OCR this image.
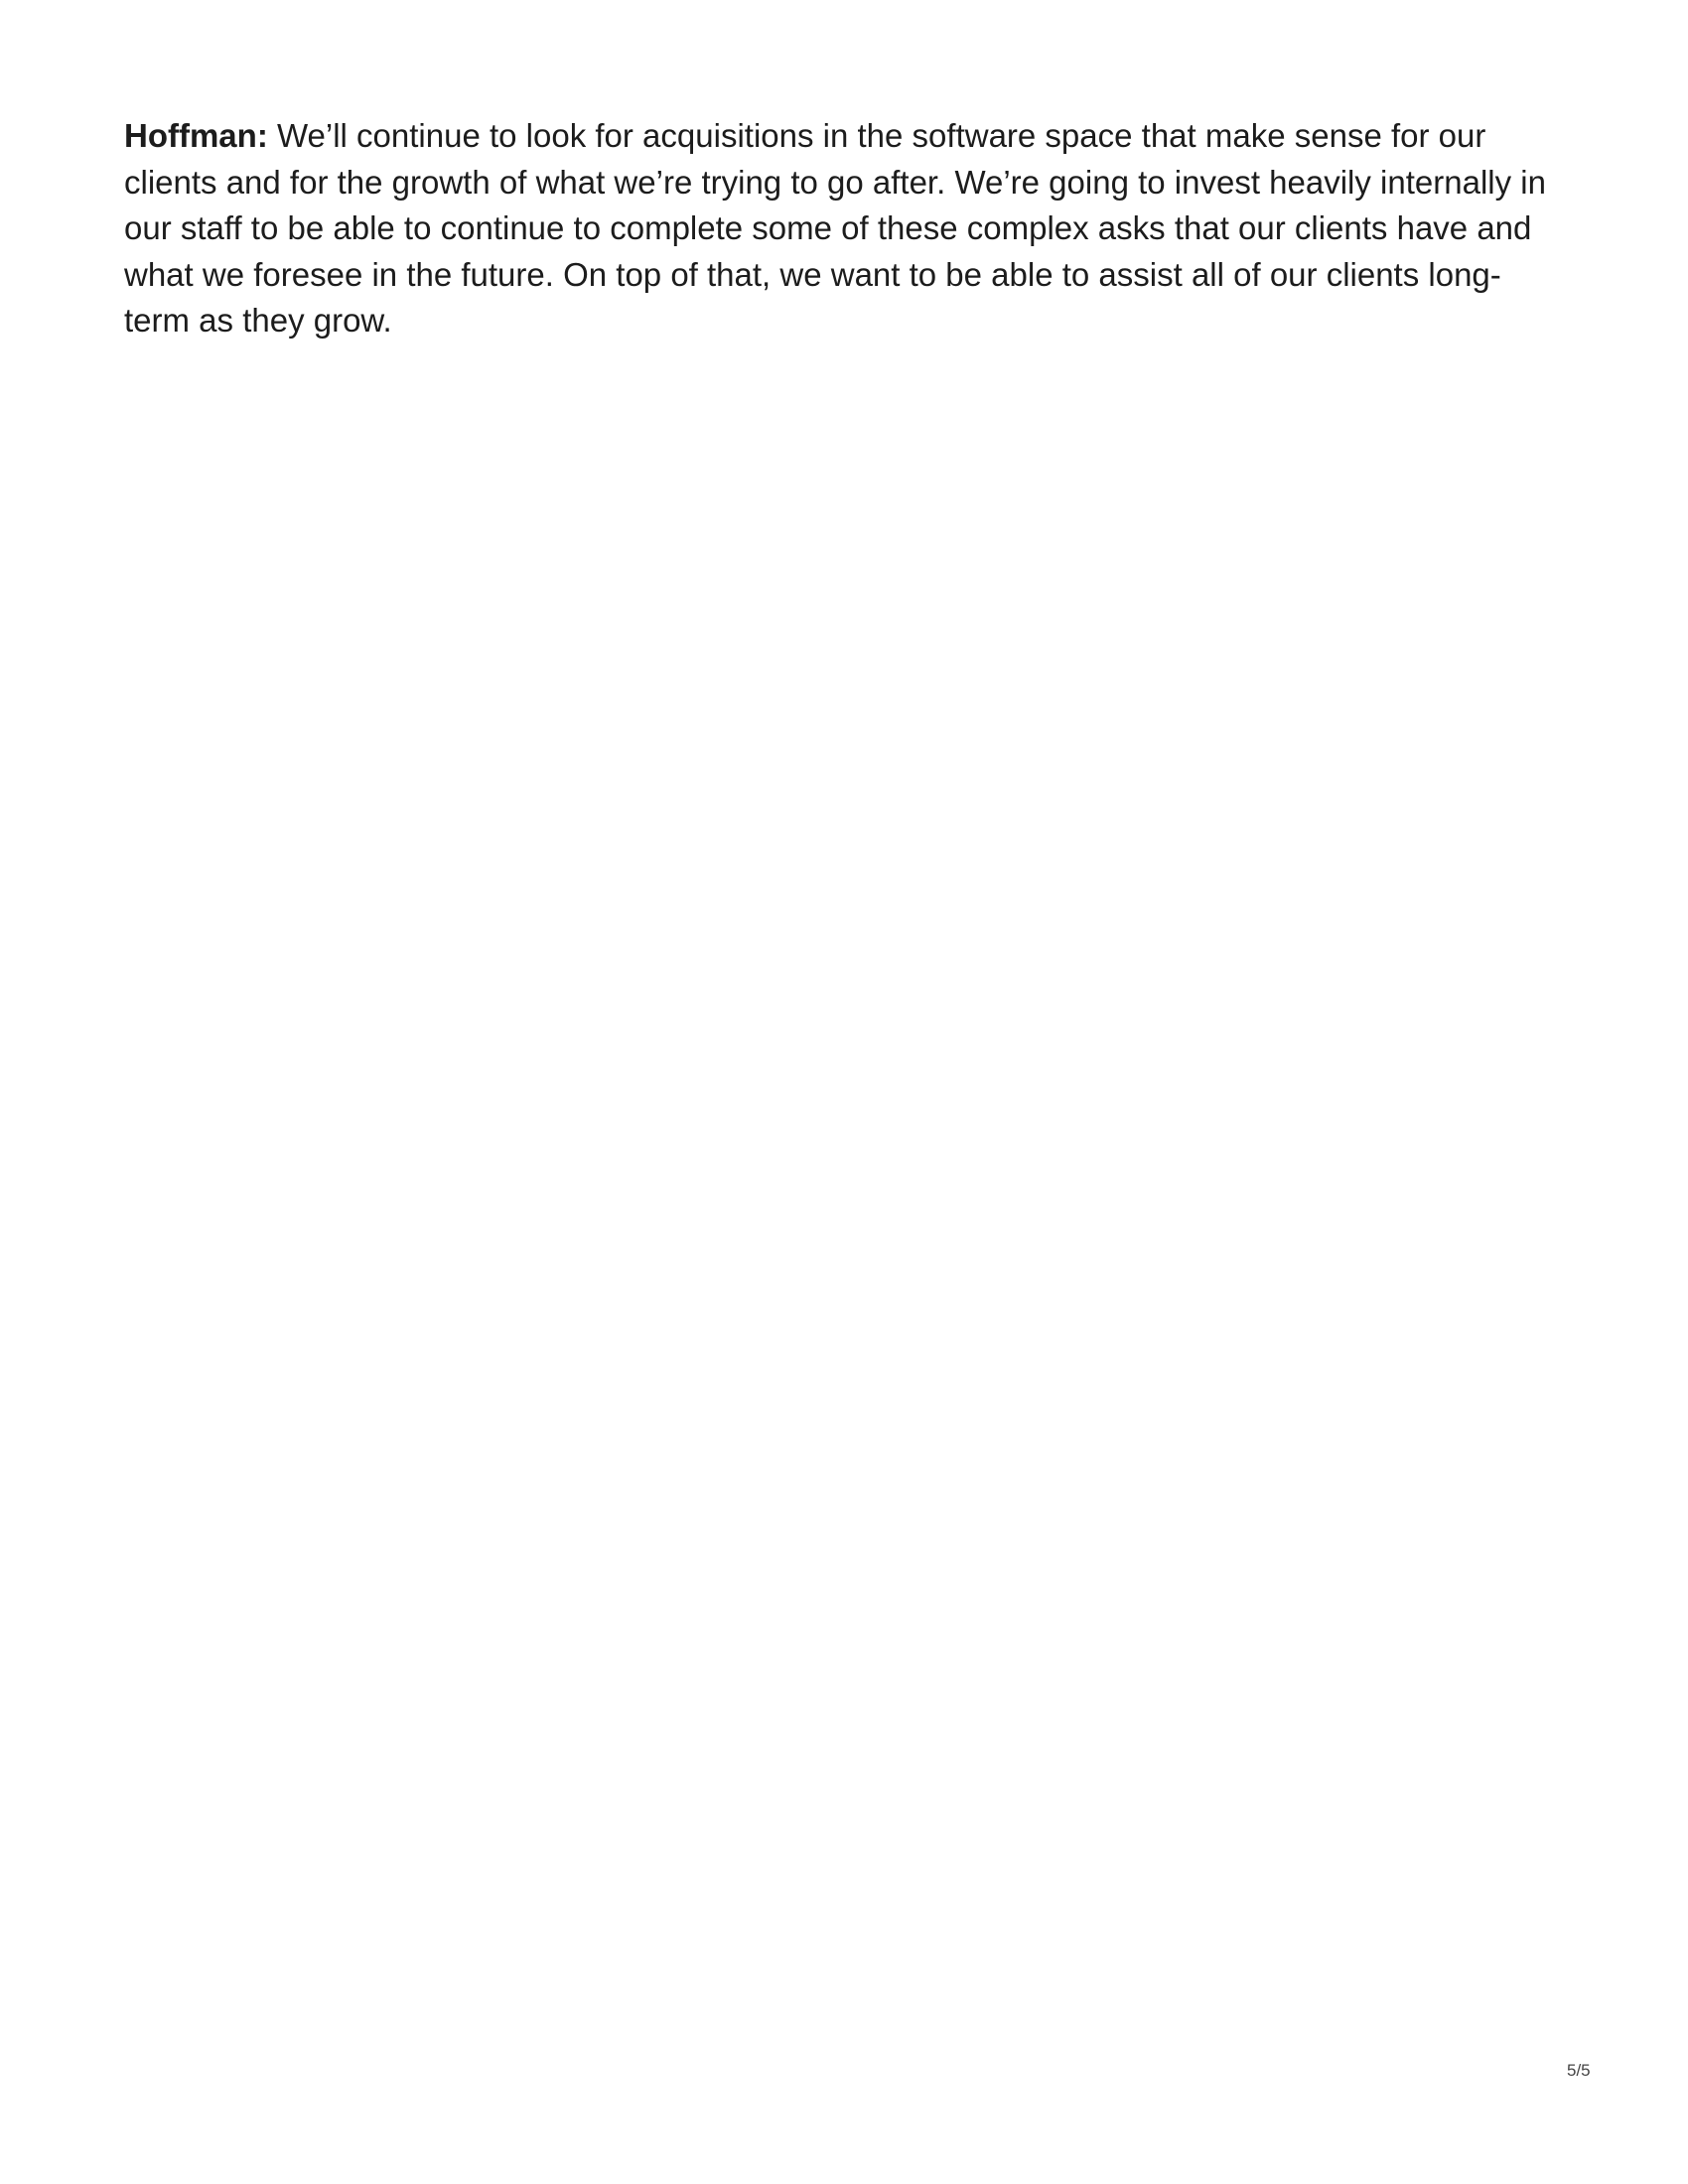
Hoffman: We’ll continue to look for acquisitions in the software space that make sense for our
clients and for the growth of what we’re trying to go after. We’re going to invest heavily internally in
our staff to be able to continue to complete some of these complex asks that our clients have and
what we foresee in the future. On top of that, we want to be able to assist all of our clients long-
term as they grow.

5/5
